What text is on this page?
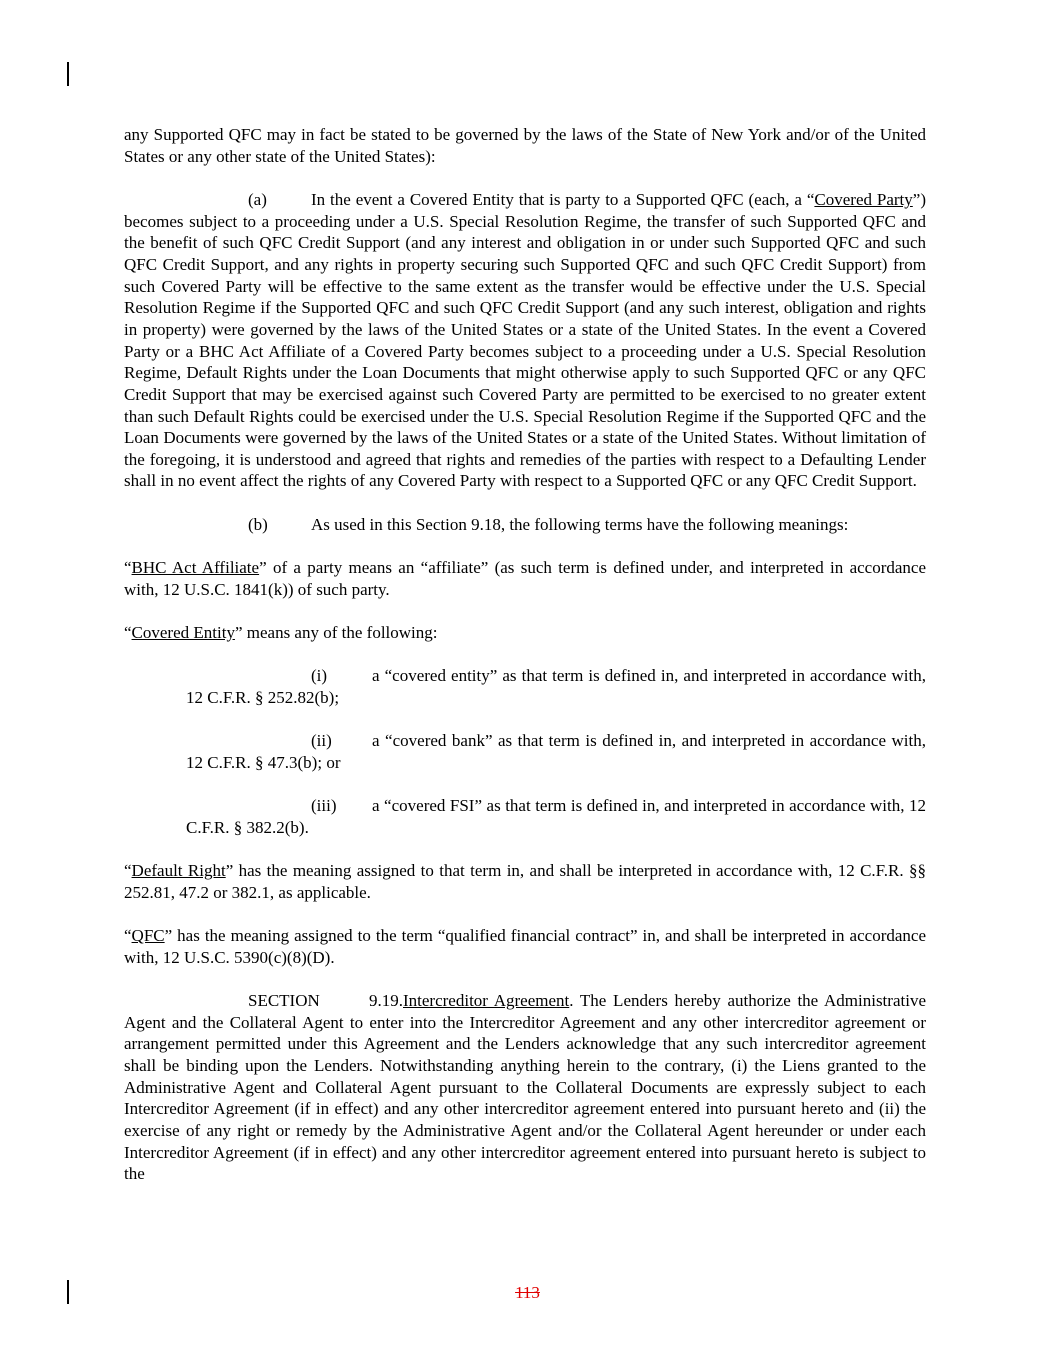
any Supported QFC may in fact be stated to be governed by the laws of the State of New York and/or of the United States or any other state of the United States):

(a)	In the event a Covered Entity that is party to a Supported QFC (each, a “Covered Party”) becomes subject to a proceeding under a U.S. Special Resolution Regime, the transfer of such Supported QFC and the benefit of such QFC Credit Support (and any interest and obligation in or under such Supported QFC and such QFC Credit Support, and any rights in property securing such Supported QFC and such QFC Credit Support) from such Covered Party will be effective to the same extent as the transfer would be effective under the U.S. Special Resolution Regime if the Supported QFC and such QFC Credit Support (and any such interest, obligation and rights in property) were governed by the laws of the United States or a state of the United States. In the event a Covered Party or a BHC Act Affiliate of a Covered Party becomes subject to a proceeding under a U.S. Special Resolution Regime, Default Rights under the Loan Documents that might otherwise apply to such Supported QFC or any QFC Credit Support that may be exercised against such Covered Party are permitted to be exercised to no greater extent than such Default Rights could be exercised under the U.S. Special Resolution Regime if the Supported QFC and the Loan Documents were governed by the laws of the United States or a state of the United States. Without limitation of the foregoing, it is understood and agreed that rights and remedies of the parties with respect to a Defaulting Lender shall in no event affect the rights of any Covered Party with respect to a Supported QFC or any QFC Credit Support.

(b)	As used in this Section 9.18, the following terms have the following meanings:

“BHC Act Affiliate” of a party means an “affiliate” (as such term is defined under, and interpreted in accordance with, 12 U.S.C. 1841(k)) of such party.

“Covered Entity” means any of the following:

(i)	a “covered entity” as that term is defined in, and interpreted in accordance with, 12 C.F.R. § 252.82(b);

(ii) a “covered bank” as that term is defined in, and interpreted in accordance with, 12 C.F.R. § 47.3(b); or

(iii) a “covered FSI” as that term is defined in, and interpreted in accordance with, 12 C.F.R. § 382.2(b).

“Default Right” has the meaning assigned to that term in, and shall be interpreted in accordance with, 12 C.F.R. §§ 252.81, 47.2 or 382.1, as applicable.

“QFC” has the meaning assigned to the term “qualified financial contract” in, and shall be interpreted in accordance with, 12 U.S.C. 5390(c)(8)(D).

SECTION 9.19.Intercreditor Agreement. The Lenders hereby authorize the Administrative Agent and the Collateral Agent to enter into the Intercreditor Agreement and any other intercreditor agreement or arrangement permitted under this Agreement and the Lenders acknowledge that any such intercreditor agreement shall be binding upon the Lenders. Notwithstanding anything herein to the contrary, (i) the Liens granted to the Administrative Agent and Collateral Agent pursuant to the Collateral Documents are expressly subject to each Intercreditor Agreement (if in effect) and any other intercreditor agreement entered into pursuant hereto and (ii) the exercise of any right or remedy by the Administrative Agent and/or the Collateral Agent hereunder or under each Intercreditor Agreement (if in effect) and any other intercreditor agreement entered into pursuant hereto is subject to the

113
